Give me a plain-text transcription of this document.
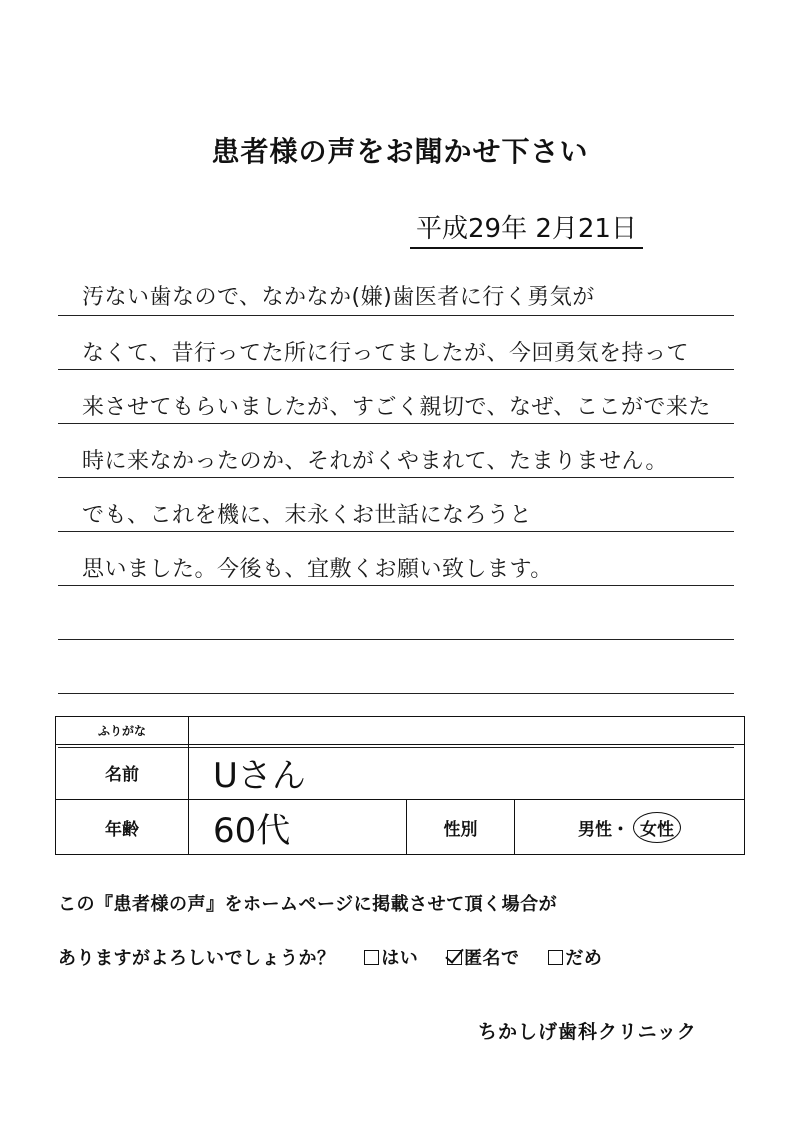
患者様の声をお聞かせ下さい
平成29年 2月21日
汚ない歯なので、なかなか(嫌)歯医者に行く勇気が
なくて、昔行ってた所に行ってましたが、今回勇気を持って
来させてもらいましたが、すごく親切で、なぜ、ここがで来た
時に来なかったのか、それがくやまれて、たまりません。
でも、これを機に、末永くお世話になろうと
思いました。今後も、宜敷くお願い致します。
ふりがな
名前	Uさん
年齢	60代	性別	男性 ・ 女性
この『患者様の声』をホームページに掲載させて頂く場合が
ありますがよろしいでしょうか？	はい	匿名で	だめ
ちかしげ歯科クリニック
